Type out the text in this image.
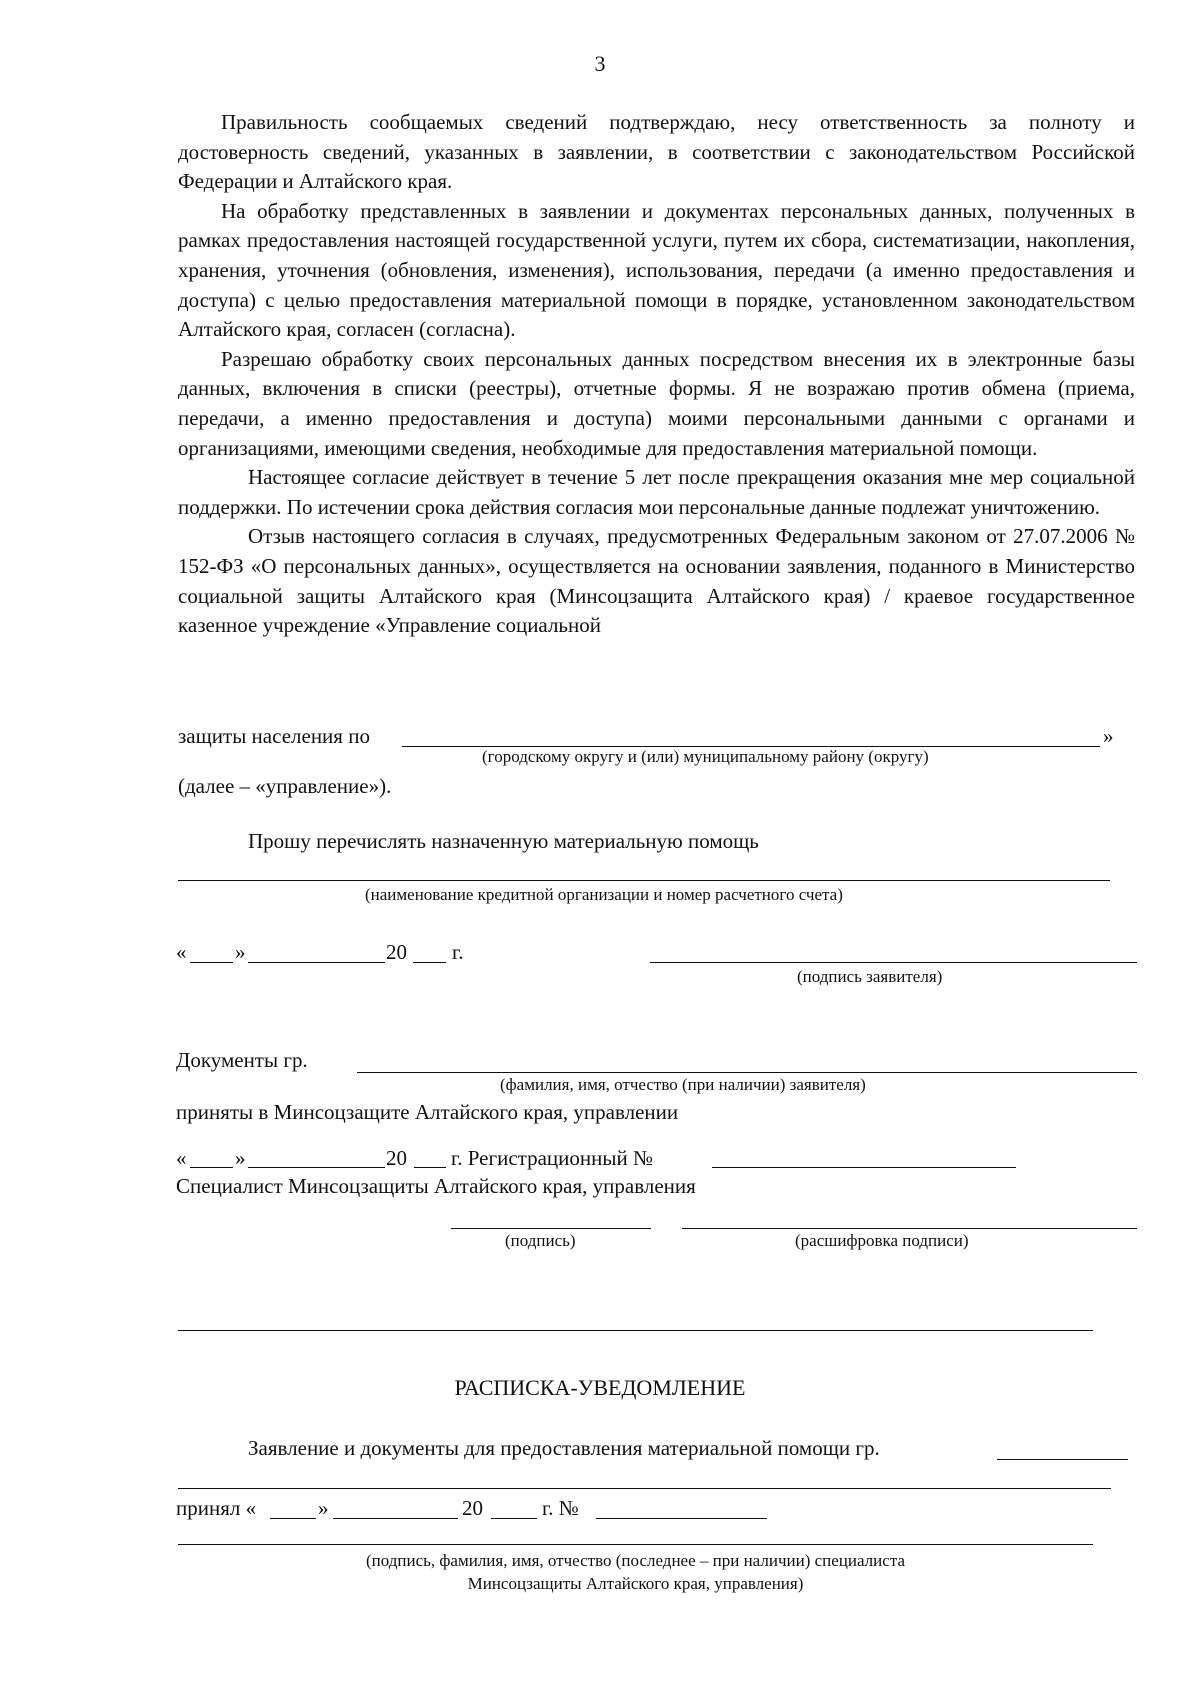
3

Правильность сообщаемых сведений подтверждаю, несу ответственность за полноту и достоверность сведений, указанных в заявлении, в соответствии с законодательством Российской Федерации и Алтайского края.

На обработку представленных в заявлении и документах персональных данных, полученных в рамках предоставления настоящей государственной услуги, путем их сбора, систематизации, накопления, хранения, уточнения (обновления, изменения), использования, передачи (а именно предоставления и доступа) с целью предоставления материальной помощи в порядке, установленном законодательством Алтайского края, согласен (согласна).

Разрешаю обработку своих персональных данных посредством внесения их в электронные базы данных, включения в списки (реестры), отчетные формы. Я не возражаю против обмена (приема, передачи, а именно предоставления и доступа) моими персональными данными с органами и организациями, имеющими сведения, необходимые для предоставления материальной помощи.

Настоящее согласие действует в течение 5 лет после прекращения оказания мне мер социальной поддержки. По истечении срока действия согласия мои персональные данные подлежат уничтожению.

Отзыв настоящего согласия в случаях, предусмотренных Федеральным законом от 27.07.2006 № 152-ФЗ «О персональных данных», осуществляется на основании заявления, поданного в Министерство социальной защиты Алтайского края (Минсоцзащита Алтайского края) / краевое государственное казенное учреждение «Управление социальной

защиты населения по	»
(городскому округу и (или) муниципальному району (округу)
(далее – «управление»).
Прошу перечислять назначенную материальную помощь
(наименование кредитной организации и номер расчетного счета)
« »	20 г.
(подпись заявителя)
Документы гр.
(фамилия, имя, отчество (при наличии) заявителя)
приняты в Минсоцзащите Алтайского края, управлении
« »	20 г. Регистрационный №
Специалист Минсоцзащиты Алтайского края, управления
(подпись)	(расшифровка подписи)
РАСПИСКА-УВЕДОМЛЕНИЕ
Заявление и документы для предоставления материальной помощи гр.
принял «	»	20	г. №
(подпись, фамилия, имя, отчество (последнее – при наличии) специалиста
Минсоцзащиты Алтайского края, управления)
